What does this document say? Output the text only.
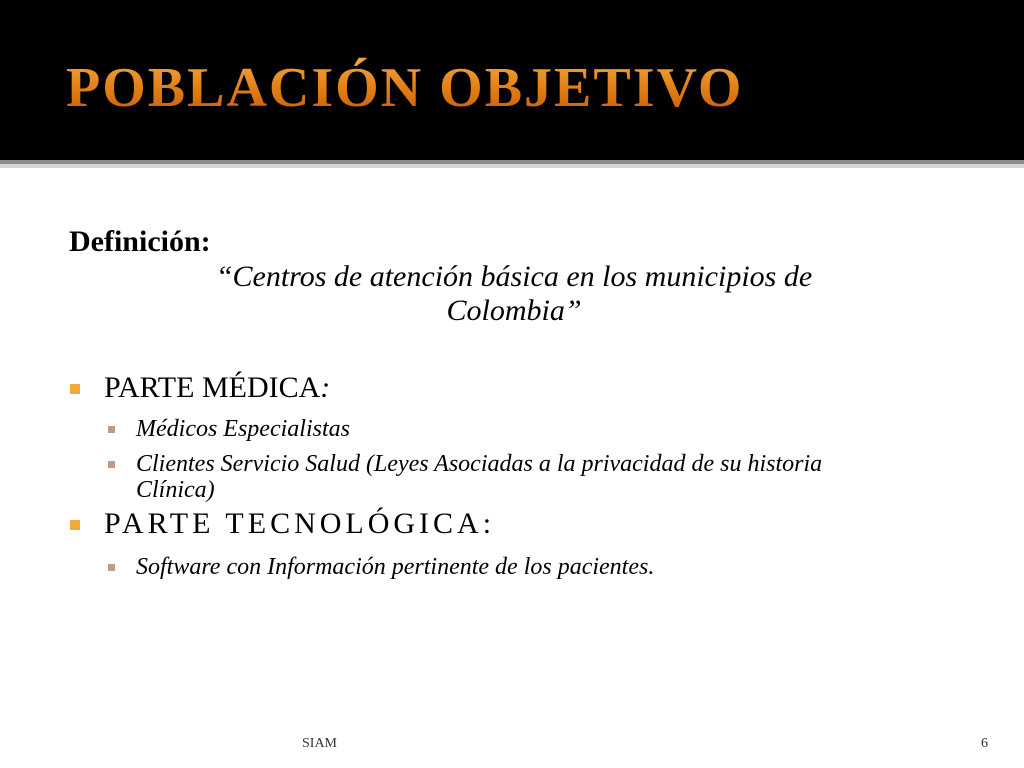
POBLACIÓN OBJETIVO
Definición:
“Centros de atención básica en los municipios de
Colombia”
PARTE MÉDICA:
Médicos Especialistas
Clientes Servicio Salud (Leyes Asociadas a la privacidad de su historia Clínica)
PARTE TECNOLÓGICA:
Software con Información pertinente de los pacientes.
SIAM	6
